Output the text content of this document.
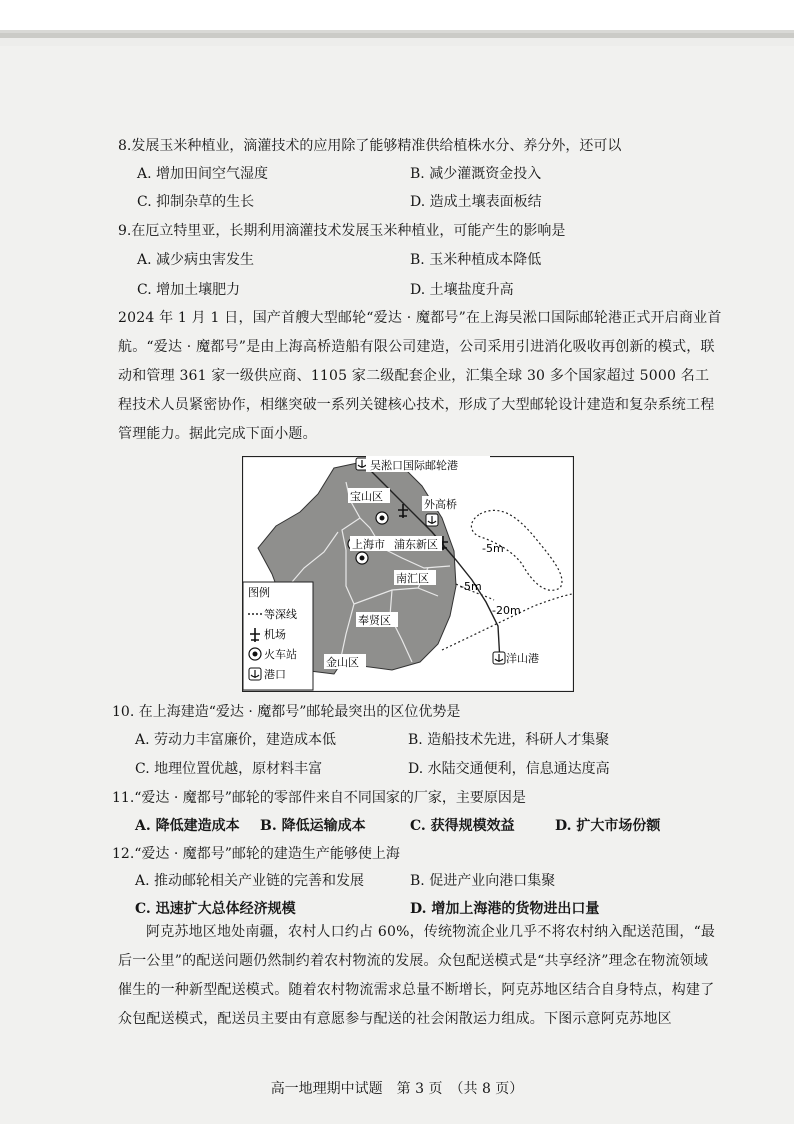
8.发展玉米种植业，滴灌技术的应用除了能够精准供给植株水分、养分外，还可以
A. 增加田间空气湿度	B. 减少灌溉资金投入
C. 抑制杂草的生长	D. 造成土壤表面板结
9.在厄立特里亚，长期利用滴灌技术发展玉米种植业，可能产生的影响是
A. 减少病虫害发生	B. 玉米种植成本降低
C. 增加土壤肥力	D. 土壤盐度升高
2024 年 1 月 1 日，国产首艘大型邮轮“爱达 · 魔都号”在上海吴淞口国际邮轮港正式开启商业首航。“爱达 · 魔都号”是由上海高桥造船有限公司建造，公司采用引进消化吸收再创新的模式，联动和管理 361 家一级供应商、1105 家二级配套企业，汇集全球 30 多个国家超过 5000 名工程技术人员紧密协作，相继突破一系列关键核心技术，形成了大型邮轮设计建造和复杂系统工程管理能力。据此完成下面小题。
吴淞口国际邮轮港
宝山区
外高桥
上海市 浦东新区
南汇区
奉贤区
金山区	洋山港
-5m
-5m
-20m
图例
等深线
机场
火车站
港口
10. 在上海建造“爱达 · 魔都号”邮轮最突出的区位优势是
A. 劳动力丰富廉价，建造成本低	B. 造船技术先进，科研人才集聚
C. 地理位置优越，原材料丰富	D. 水陆交通便利，信息通达度高
11.“爱达 · 魔都号”邮轮的零部件来自不同国家的厂家，主要原因是
A. 降低建造成本 B. 降低运输成本	C. 获得规模效益	D. 扩大市场份额
12.“爱达 · 魔都号”邮轮的建造生产能够使上海
A. 推动邮轮相关产业链的完善和发展	B. 促进产业向港口集聚
C. 迅速扩大总体经济规模	D. 增加上海港的货物进出口量
阿克苏地区地处南疆，农村人口约占 60%，传统物流企业几乎不将农村纳入配送范围，“最后一公里”的配送问题仍然制约着农村物流的发展。众包配送模式是“共享经济”理念在物流领域催生的一种新型配送模式。随着农村物流需求总量不断增长，阿克苏地区结合自身特点，构建了众包配送模式，配送员主要由有意愿参与配送的社会闲散运力组成。下图示意阿克苏地区
高一地理期中试题　第 3 页　（共 8 页）
